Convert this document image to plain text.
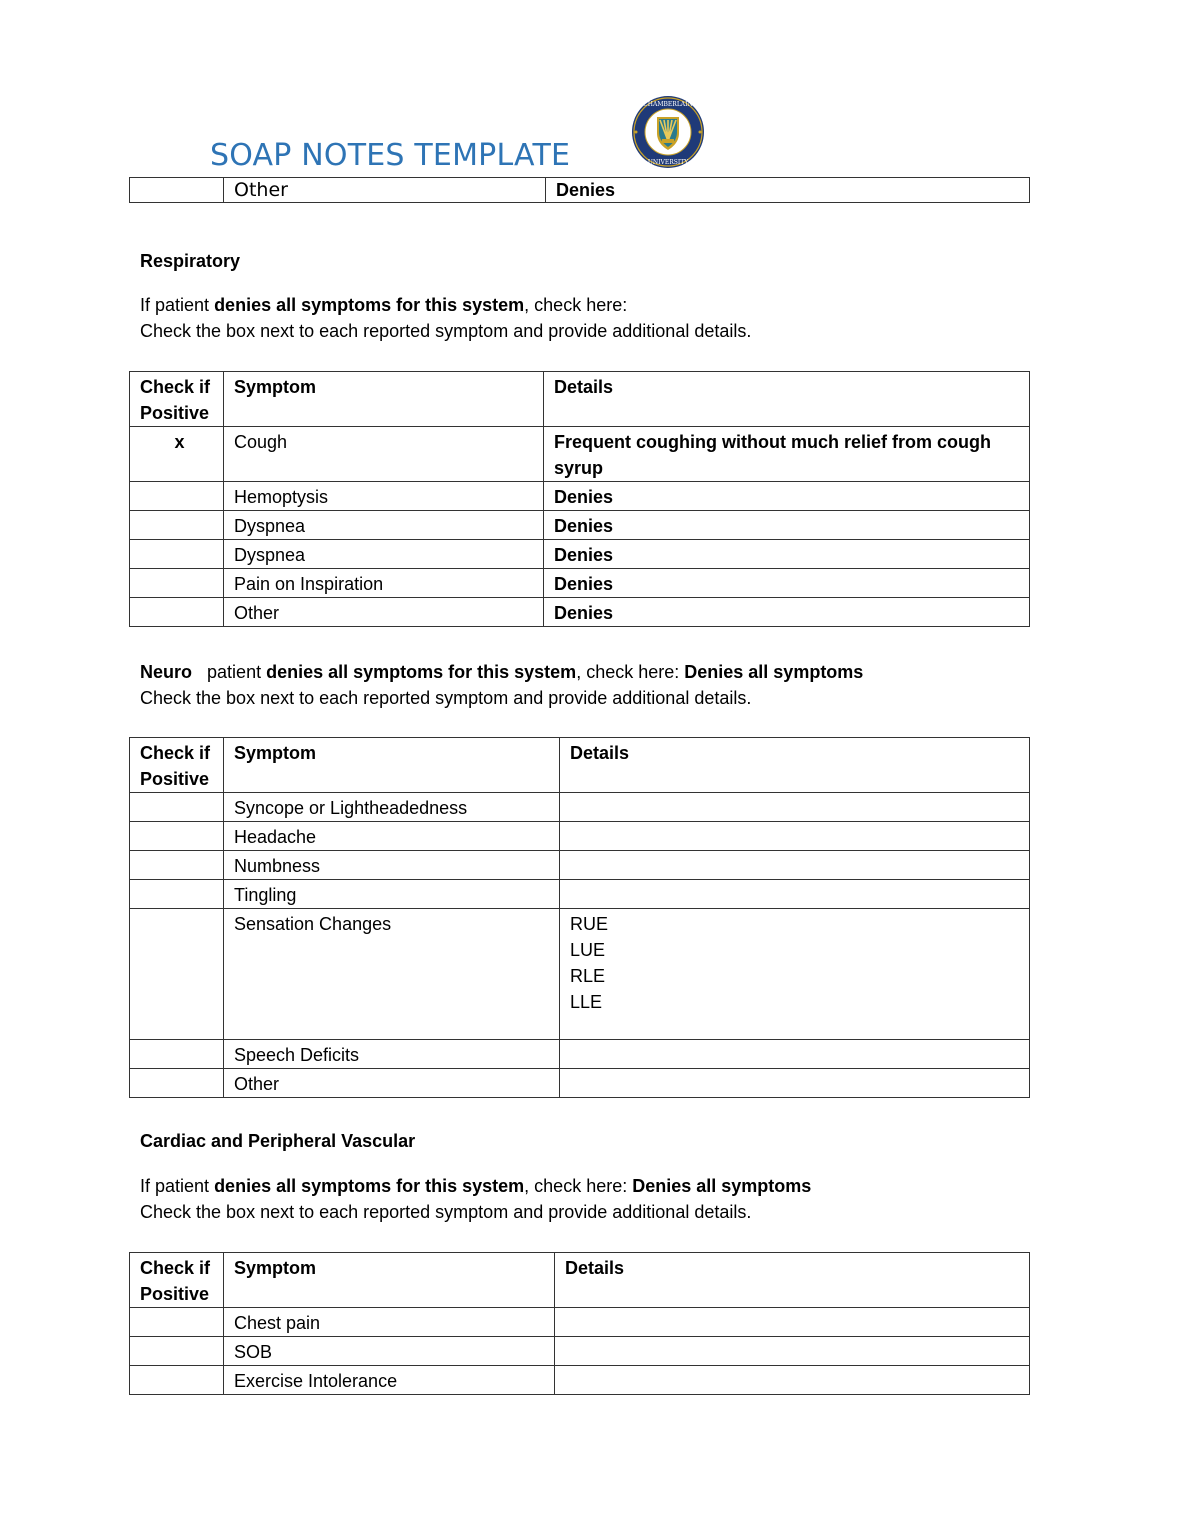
SOAP NOTES TEMPLATE
CHAMBERLAIN
UNIVERSITY
	Other	Denies
Respiratory
If patient denies all symptoms for this system, check here:
Check the box next to each reported symptom and provide additional details.
Check if
Positive	Symptom	Details
x	Cough	Frequent coughing without much relief from cough syrup
	Hemoptysis	Denies
	Dyspnea	Denies
	Dyspnea	Denies
	Pain on Inspiration	Denies
	Other	Denies
Neuro patient denies all symptoms for this system, check here: Denies all symptoms
Check the box next to each reported symptom and provide additional details.
Check if
Positive	Symptom	Details
	Syncope or Lightheadedness	
	Headache	
	Numbness	
	Tingling	
	Sensation Changes	RUE
LUE
RLE
LLE

	Speech Deficits	
	Other	
Cardiac and Peripheral Vascular
If patient denies all symptoms for this system, check here: Denies all symptoms
Check the box next to each reported symptom and provide additional details.
Check if
Positive	Symptom	Details
	Chest pain	
	SOB	
	Exercise Intolerance	
